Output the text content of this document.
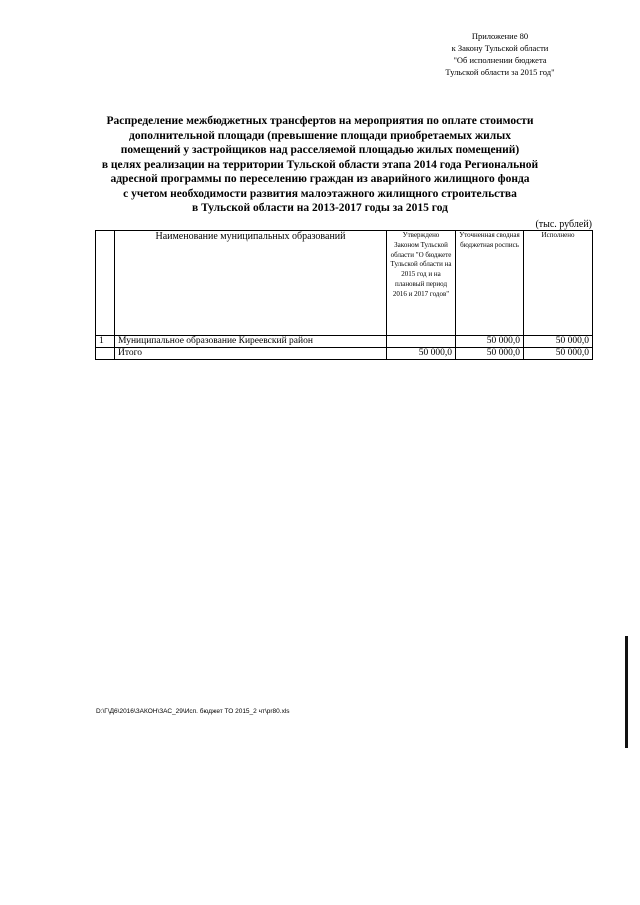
Приложение 80
к Закону Тульской области
"Об исполнении бюджета
Тульской области за 2015 год"
Распределение межбюджетных трансфертов на мероприятия по оплате стоимости
дополнительной площади (превышение площади приобретаемых жилых
помещений у застройщиков над расселяемой площадью жилых помещений)
в целях реализации на территории Тульской области этапа 2014 года Региональной
адресной программы по переселению граждан из аварийного жилищного фонда
с учетом необходимости развития малоэтажного жилищного строительства
в Тульской области на 2013-2017 годы за 2015 год
(тыс. рублей)
	Наименование муниципальных образований	Утверждено Законом Тульской области "О бюджете Тульской области на 2015 год и на плановый период 2016 и 2017 годов"	Уточненная сводная бюджетная роспись	Исполнено
1	Муниципальное образование Киреевский район		50 000,0	50 000,0
	Итого	50 000,0	50 000,0	50 000,0
D:\Г\Д6\2016\ЗАКОН\ЗАС_29\Исп. бюджет ТО 2015_2 чт\pr80.xls
